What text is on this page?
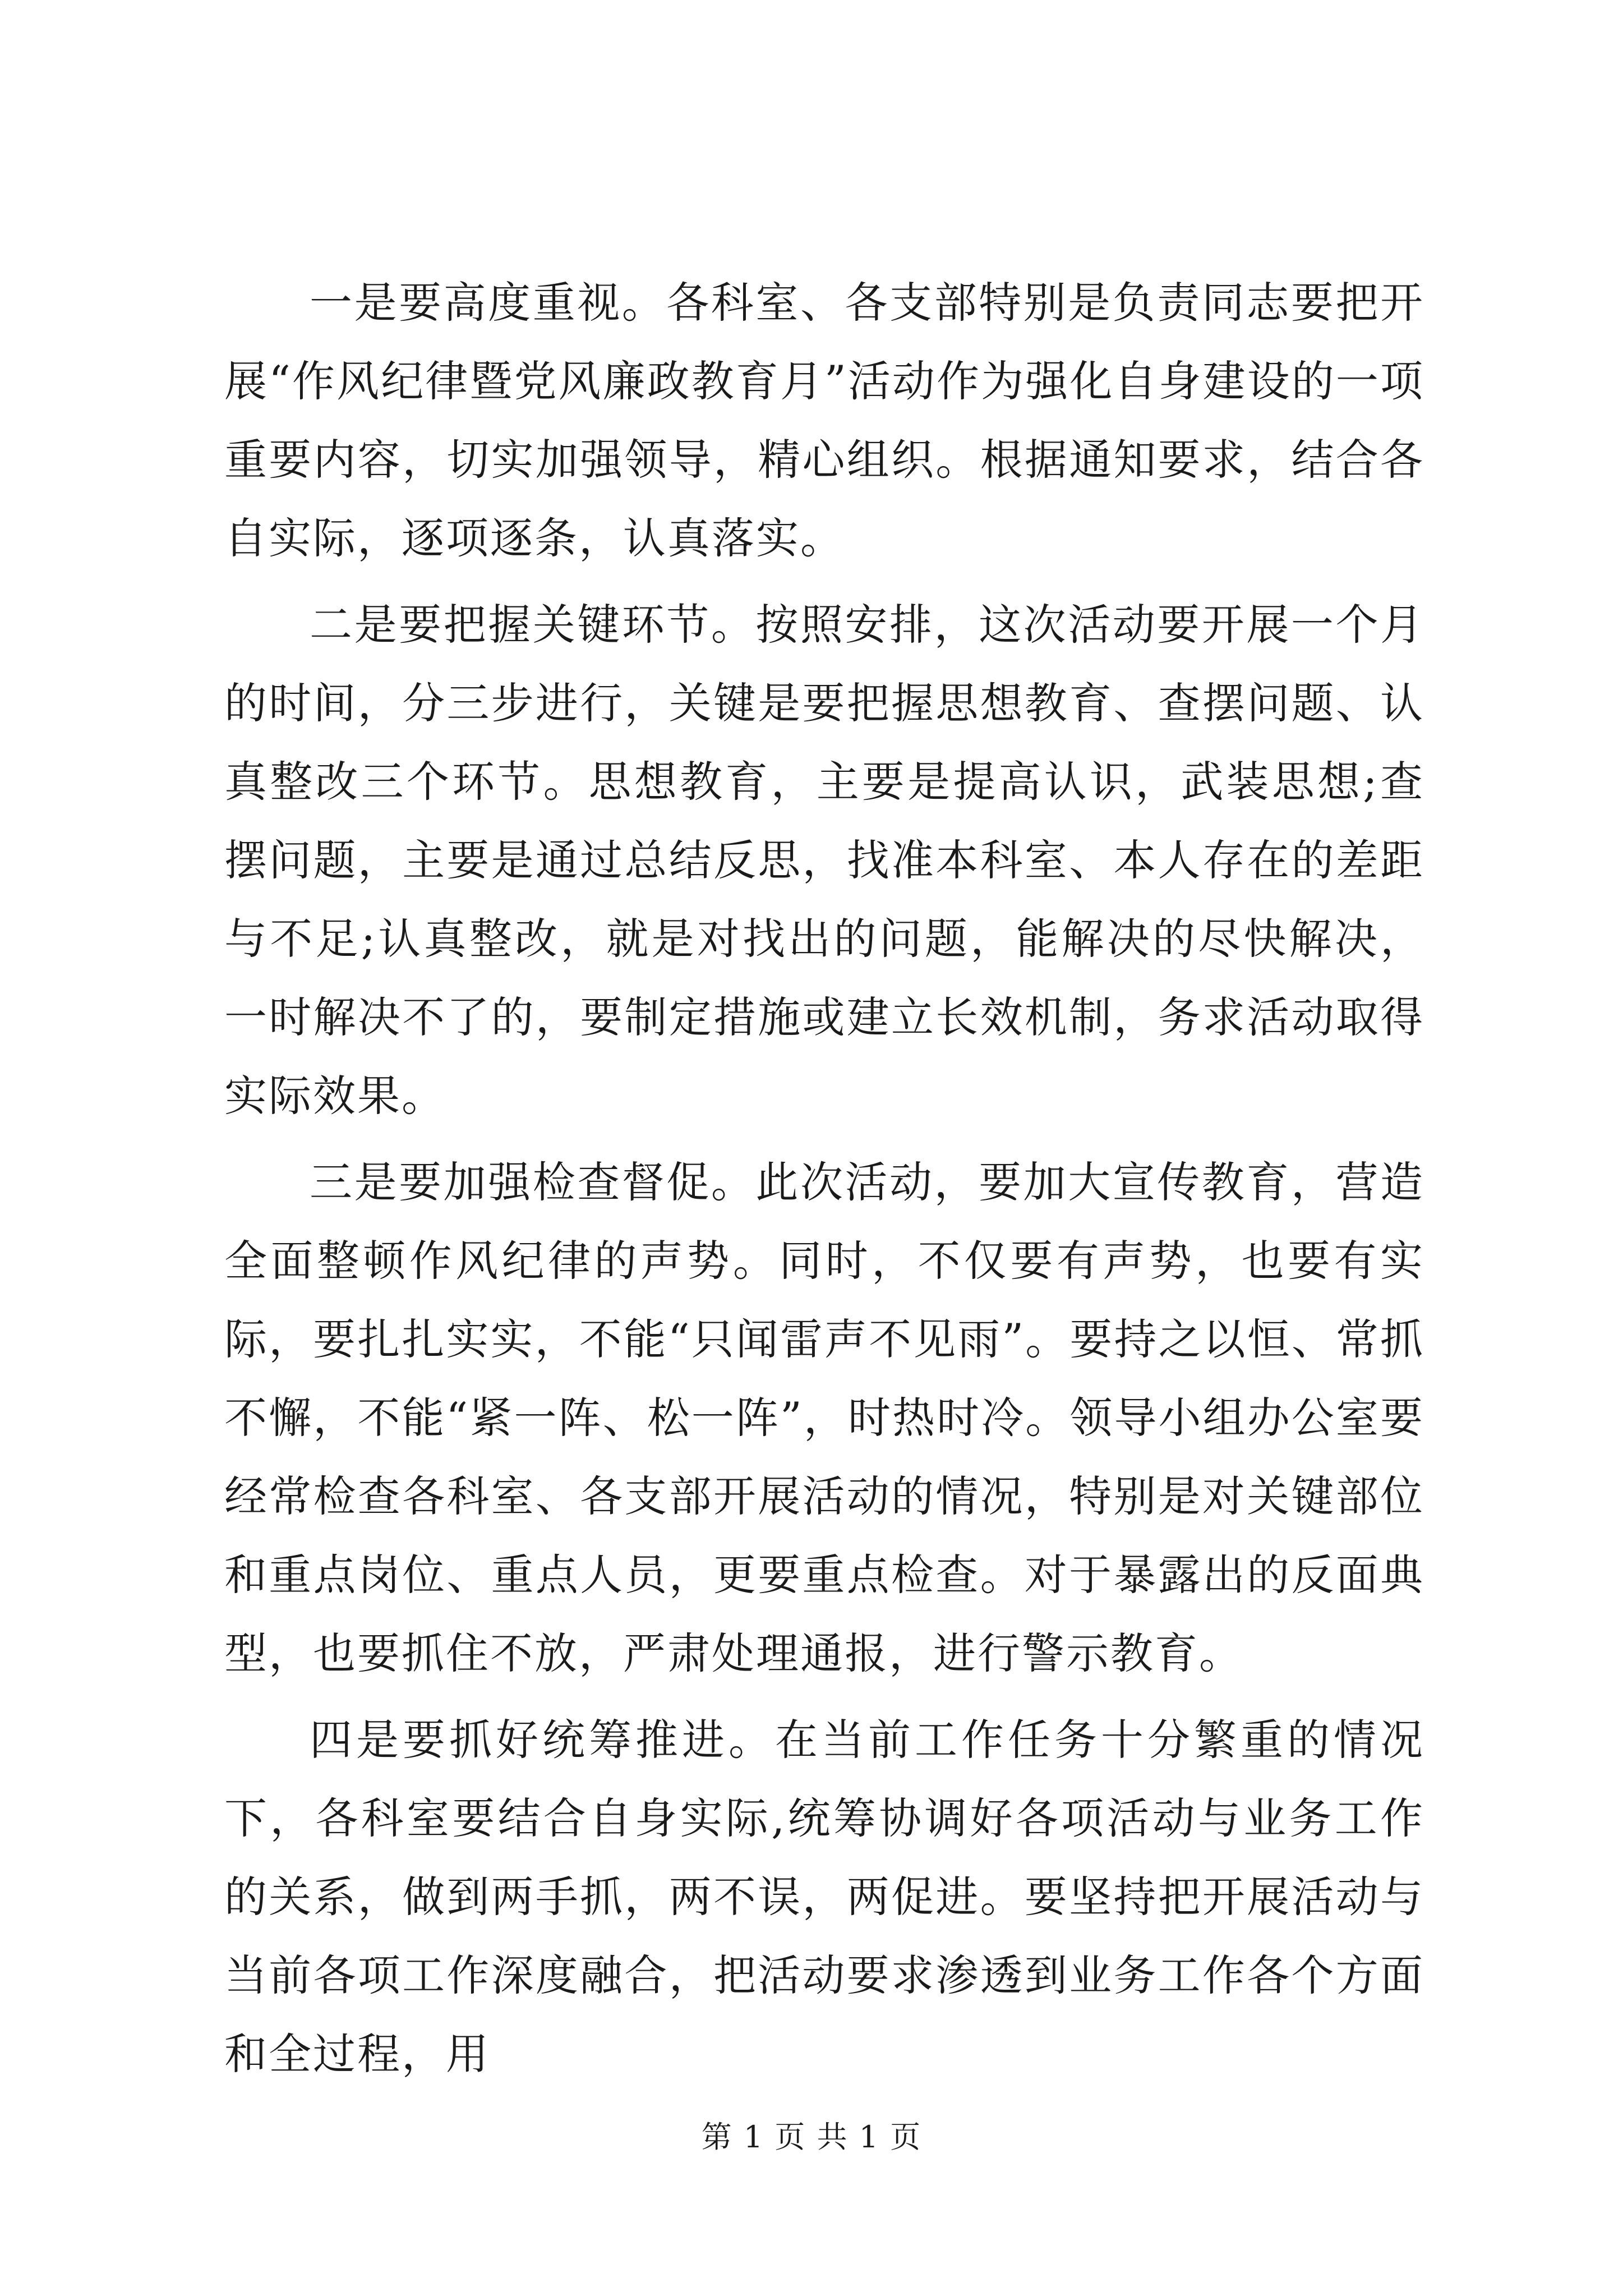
一是要高度重视。各科室、各支部特别是负责同志要把开展“作风纪律暨党风廉政教育月”活动作为强化自身建设的一项重要内容，切实加强领导，精心组织。根据通知要求，结合各自实际，逐项逐条，认真落实。

二是要把握关键环节。按照安排，这次活动要开展一个月的时间，分三步进行，关键是要把握思想教育、查摆问题、认真整改三个环节。思想教育，主要是提高认识，武装思想;查摆问题，主要是通过总结反思，找准本科室、本人存在的差距与不足;认真整改，就是对找出的问题，能解决的尽快解决，一时解决不了的，要制定措施或建立长效机制，务求活动取得实际效果。

三是要加强检查督促。此次活动，要加大宣传教育，营造全面整顿作风纪律的声势。同时，不仅要有声势，也要有实际，要扎扎实实，不能“只闻雷声不见雨”。要持之以恒、常抓不懈，不能“紧一阵、松一阵”，时热时冷。领导小组办公室要经常检查各科室、各支部开展活动的情况，特别是对关键部位和重点岗位、重点人员，更要重点检查。对于暴露出的反面典型，也要抓住不放，严肃处理通报，进行警示教育。

四是要抓好统筹推进。在当前工作任务十分繁重的情况下，各科室要结合自身实际,统筹协调好各项活动与业务工作的关系，做到两手抓，两不误，两促进。要坚持把开展活动与当前各项工作深度融合，把活动要求渗透到业务工作各个方面和全过程，用

第 1 页 共 1 页
